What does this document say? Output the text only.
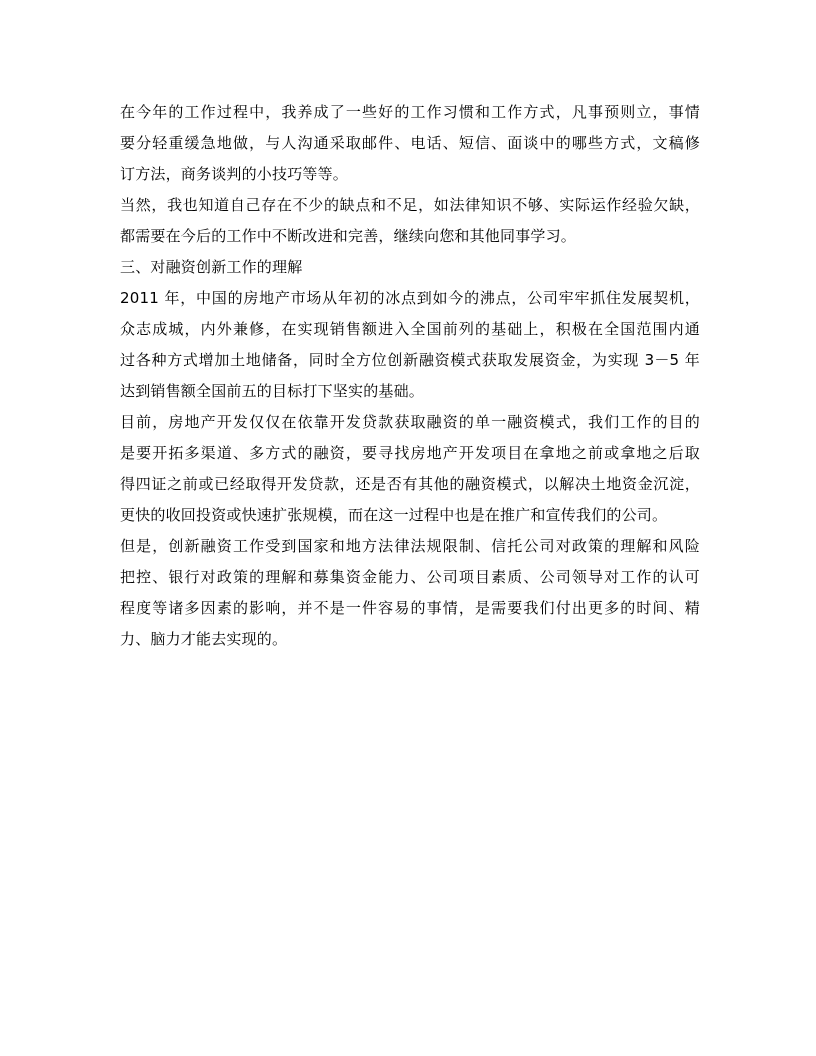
在今年的工作过程中，我养成了一些好的工作习惯和工作方式，凡事预则立，事情
要分轻重缓急地做，与人沟通采取邮件、电话、短信、面谈中的哪些方式，文稿修
订方法，商务谈判的小技巧等等。

当然，我也知道自己存在不少的缺点和不足，如法律知识不够、实际运作经验欠缺，
都需要在今后的工作中不断改进和完善，继续向您和其他同事学习。

三、对融资创新工作的理解

2011 年，中国的房地产市场从年初的冰点到如今的沸点，公司牢牢抓住发展契机，
众志成城，内外兼修，在实现销售额进入全国前列的基础上，积极在全国范围内通
过各种方式增加土地储备，同时全方位创新融资模式获取发展资金，为实现 3－5 年
达到销售额全国前五的目标打下坚实的基础。

目前，房地产开发仅仅在依靠开发贷款获取融资的单一融资模式，我们工作的目的
是要开拓多渠道、多方式的融资，要寻找房地产开发项目在拿地之前或拿地之后取
得四证之前或已经取得开发贷款，还是否有其他的融资模式，以解决土地资金沉淀，
更快的收回投资或快速扩张规模，而在这一过程中也是在推广和宣传我们的公司。

但是，创新融资工作受到国家和地方法律法规限制、信托公司对政策的理解和风险
把控、银行对政策的理解和募集资金能力、公司项目素质、公司领导对工作的认可
程度等诸多因素的影响，并不是一件容易的事情，是需要我们付出更多的时间、精
力、脑力才能去实现的。
